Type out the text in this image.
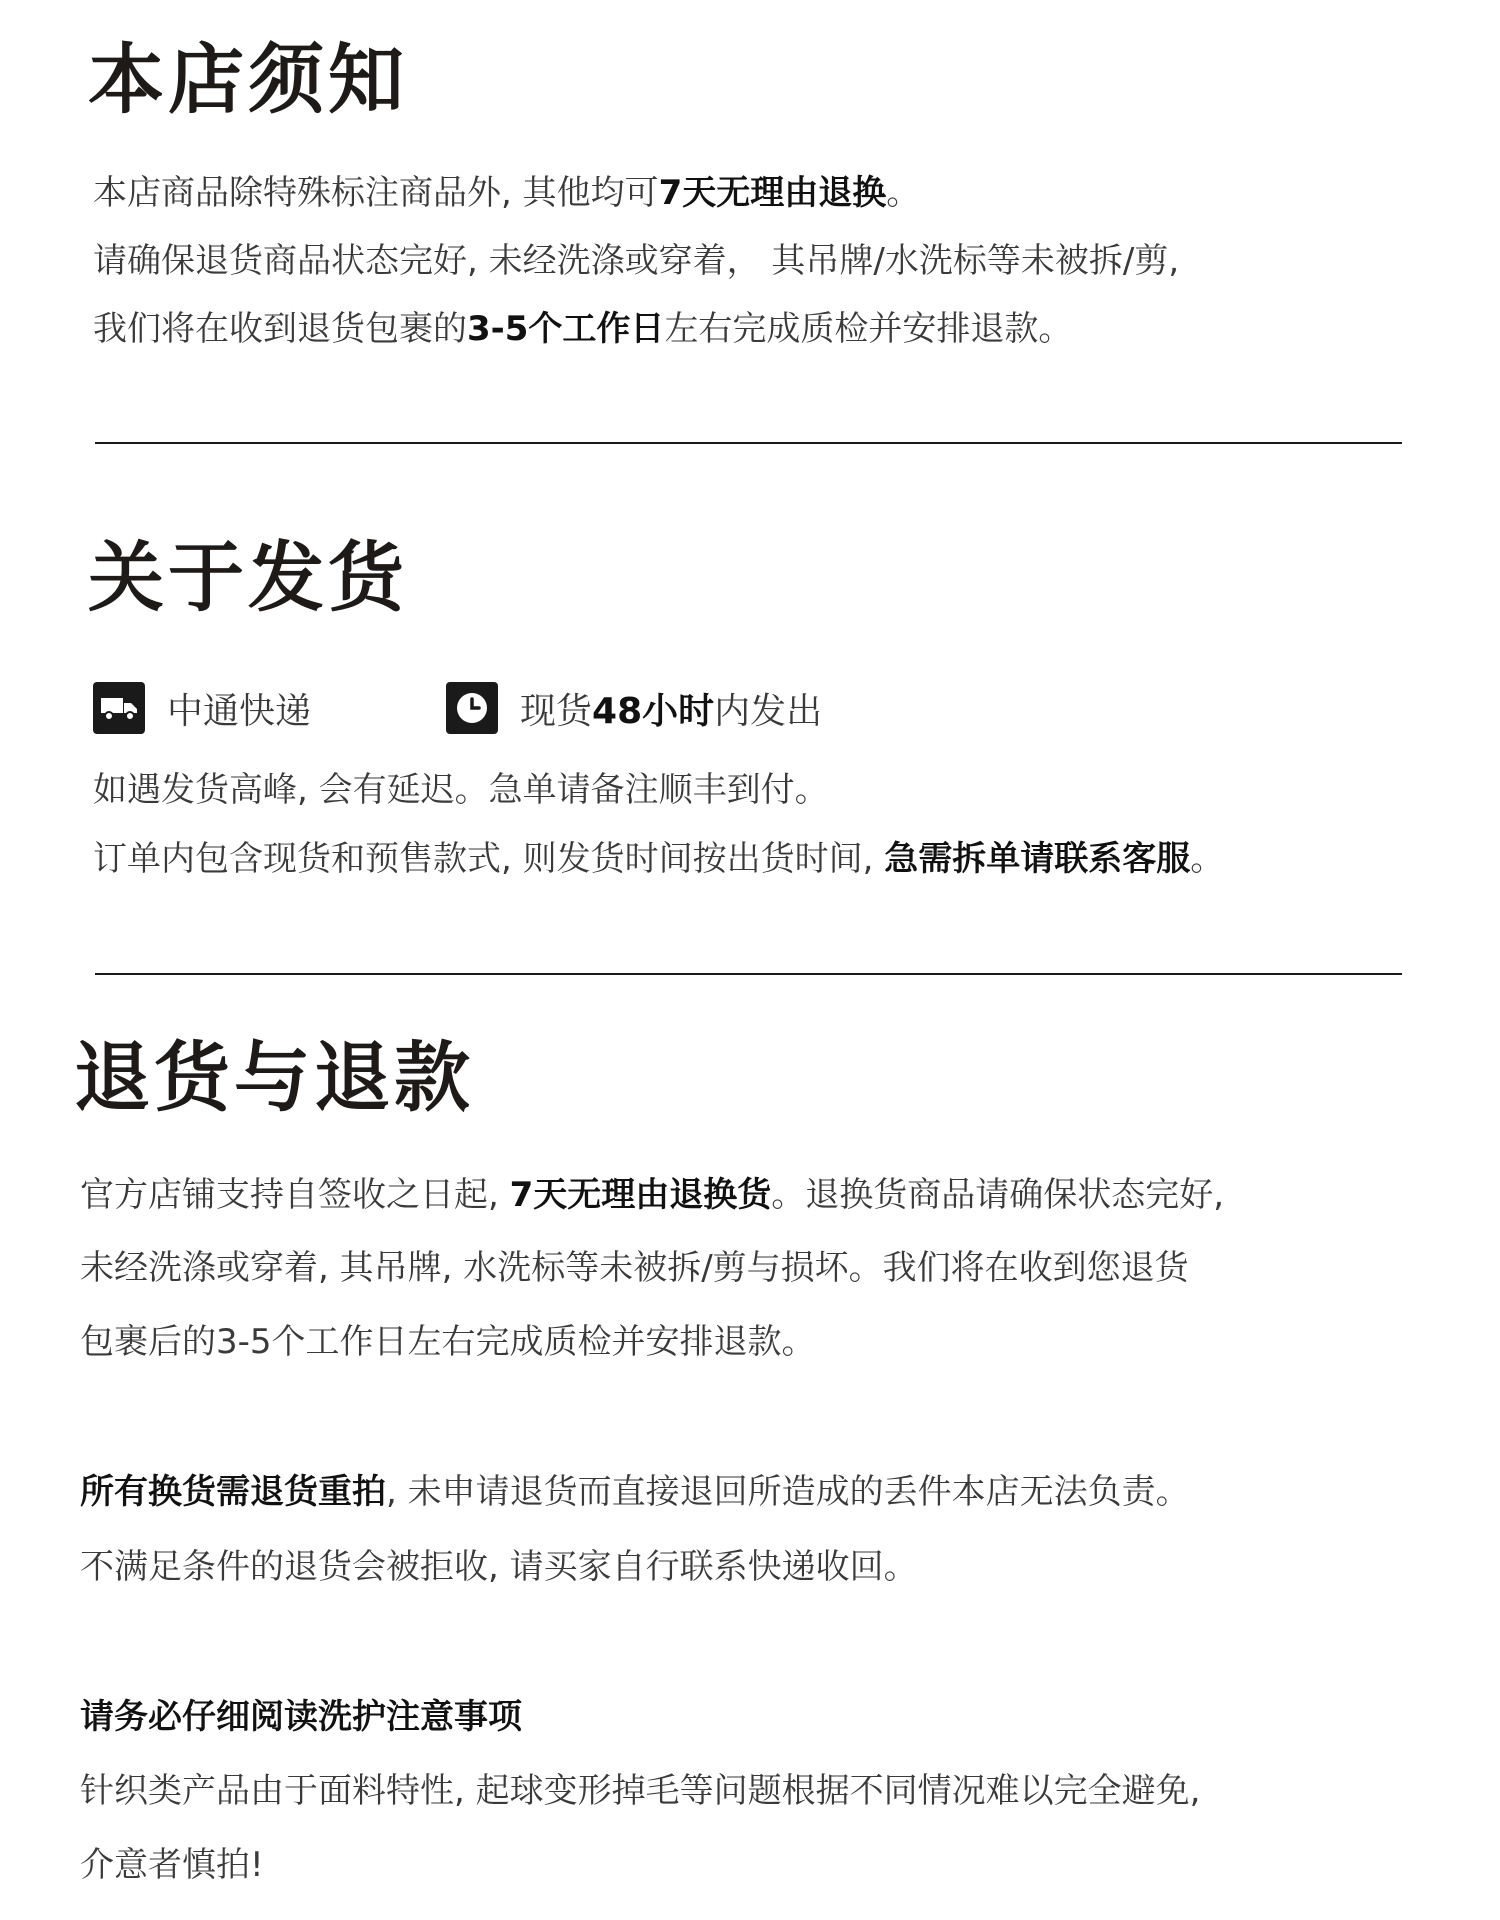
本店须知
本店商品除特殊标注商品外, 其他均可7天无理由退换。
请确保退货商品状态完好, 未经洗涤或穿着， 其吊牌/水洗标等未被拆/剪,
我们将在收到退货包裹的3-5个工作日左右完成质检并安排退款。
关于发货
中通快递	现货48小时内发出
如遇发货高峰, 会有延迟。急单请备注顺丰到付。
订单内包含现货和预售款式, 则发货时间按出货时间, 急需拆单请联系客服。
退货与退款
官方店铺支持自签收之日起, 7天无理由退换货。退换货商品请确保状态完好,
未经洗涤或穿着, 其吊牌, 水洗标等未被拆/剪与损坏。我们将在收到您退货
包裹后的3-5个工作日左右完成质检并安排退款。
所有换货需退货重拍, 未申请退货而直接退回所造成的丢件本店无法负责。
不满足条件的退货会被拒收, 请买家自行联系快递收回。
请务必仔细阅读洗护注意事项
针织类产品由于面料特性, 起球变形掉毛等问题根据不同情况难以完全避免,
介意者慎拍!
